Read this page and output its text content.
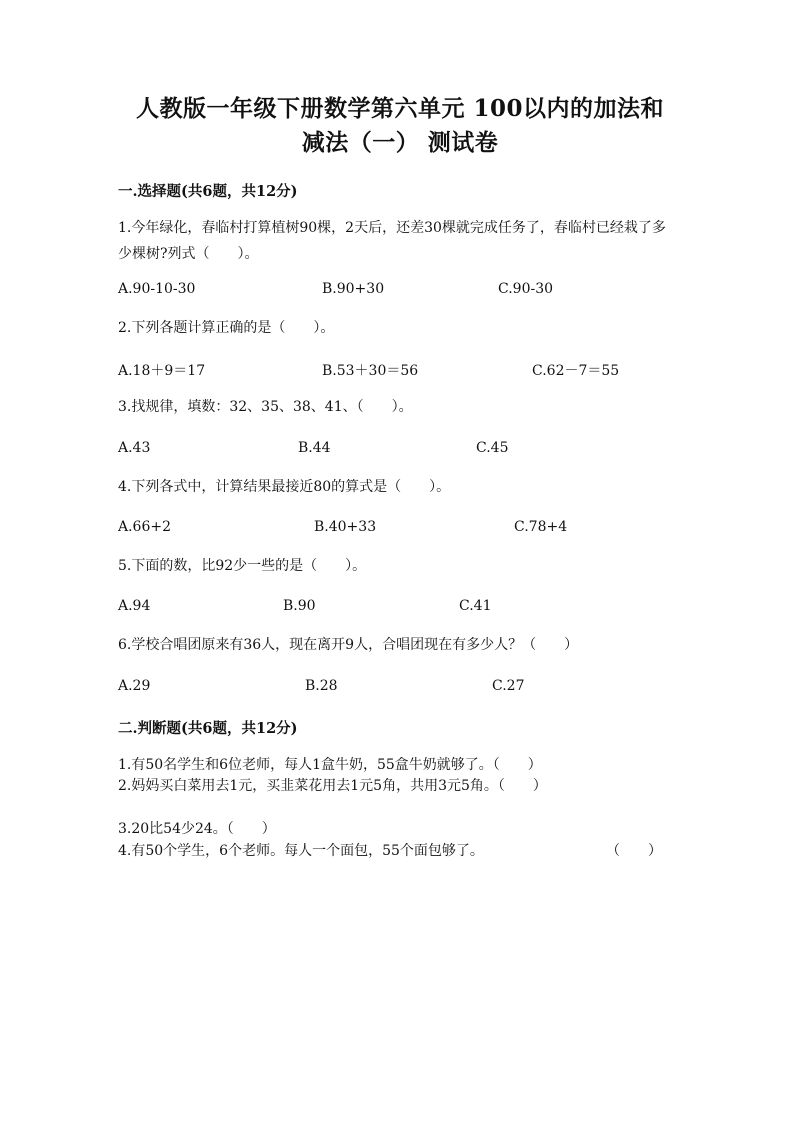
人教版一年级下册数学第六单元 100以内的加法和
减法（一） 测试卷
一.选择题(共6题，共12分)
1.今年绿化，春临村打算植树90棵，2天后，还差30棵就完成任务了，春临村已经栽了多少棵树?列式（　　）。
A.90-10-30	B.90+30	C.90-30
2.下列各题计算正确的是（　　）。
A.18＋9＝17	B.53＋30＝56	C.62－7＝55
3.找规律，填数：32、35、38、41、（　　）。
A.43	B.44	C.45
4.下列各式中，计算结果最接近80的算式是（　　）。
A.66+2	B.40+33	C.78+4
5.下面的数，比92少一些的是（　　）。
A.94	B.90	C.41
6.学校合唱团原来有36人，现在离开9人，合唱团现在有多少人？（　　）
A.29	B.28	C.27
二.判断题(共6题，共12分)
1.有50名学生和6位老师，每人1盒牛奶，55盒牛奶就够了。（　　）
2.妈妈买白菜用去1元，买韭菜花用去1元5角，共用3元5角。（　　）
3.20比54少24。（　　）
4.有50个学生，6个老师。每人一个面包，55个面包够了。	（　　）
